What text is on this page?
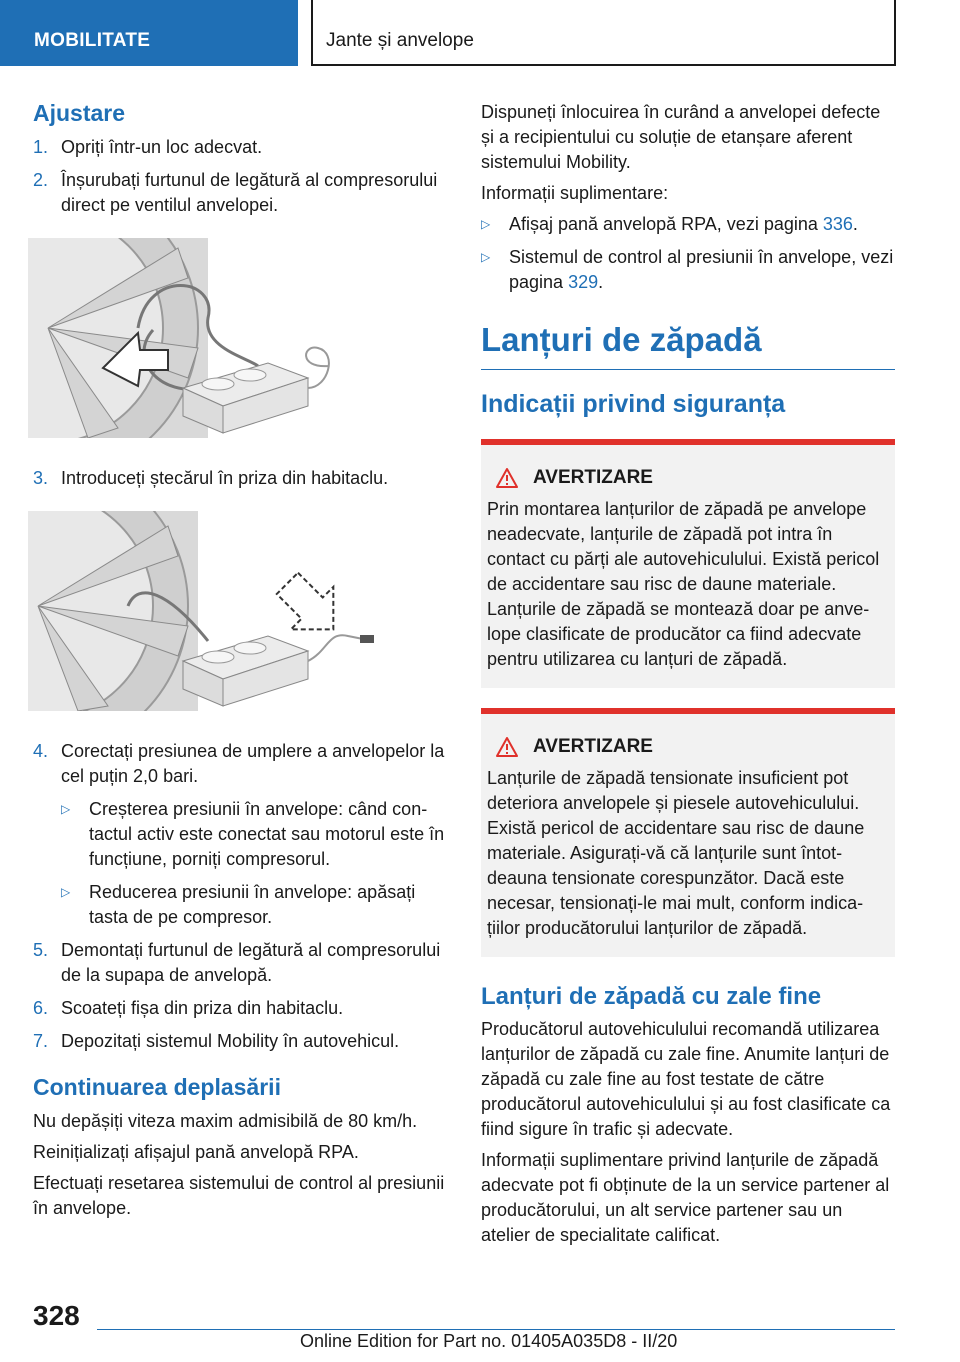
MOBILITATE	Jante și anvelope
Ajustare
1. Opriți într-un loc adecvat.
2. Înșurubați furtunul de legătură al compresorului direct pe ventilul anvelopei.
3. Introduceți ștecărul în priza din habitaclu.
4. Corectați presiunea de umplere a anvelopelor la cel puțin 2,0 bari.
▷	Creșterea presiunii în anvelope: când contactul activ este conectat sau motorul este în funcțiune, porniți compresorul.
▷	Reducerea presiunii în anvelope: apăsați tasta de pe compresor.
5. Demontați furtunul de legătură al compresorului de la supapa de anvelopă.
6. Scoateți fișa din priza din habitaclu.
7. Depozitați sistemul Mobility în autovehicul.
Continuarea deplasării

Nu depășiți viteza maxim admisibilă de 80 km/h.

Reinițializați afișajul pană anvelopă RPA.

Efectuați resetarea sistemului de control al presiunii în anvelope.

Dispuneți înlocuirea în curând a anvelopei defecte și a recipientului cu soluție de etanșare aferent sistemului Mobility.

Informații suplimentare:

▷	Afișaj pană anvelopă RPA, vezi pagina 336.
▷	Sistemul de control al presiunii în anvelope, vezi pagina 329.
Lanțuri de zăpadă
Indicații privind siguranța
AVERTIZARE

Prin montarea lanțurilor de zăpadă pe anvelope neadecvate, lanțurile de zăpadă pot intra în contact cu părți ale autovehiculului. Există pericol de accidentare sau risc de daune materiale. Lanțurile de zăpadă se montează doar pe anvelope clasificate de producător ca fiind adecvate pentru utilizarea cu lanțuri de zăpadă.

AVERTIZARE

Lanțurile de zăpadă tensionate insuficient pot deteriora anvelopele și piesele autovehiculului. Există pericol de accidentare sau risc de daune materiale. Asigurați-vă că lanțurile sunt întotdeauna tensionate corespunzător. Dacă este necesar, tensionați-le mai mult, conform indicațiilor producătorului lanțurilor de zăpadă.

Lanțuri de zăpadă cu zale fine

Producătorul autovehiculului recomandă utilizarea lanțurilor de zăpadă cu zale fine. Anumite lanțuri de zăpadă cu zale fine au fost testate de către producătorul autovehiculului și au fost clasificate ca fiind sigure în trafic și adecvate.

Informații suplimentare privind lanțurile de zăpadă adecvate pot fi obținute de la un service partener al producătorului, un alt service partener sau un atelier de specialitate calificat.

328
Online Edition for Part no. 01405A035D8 - II/20
